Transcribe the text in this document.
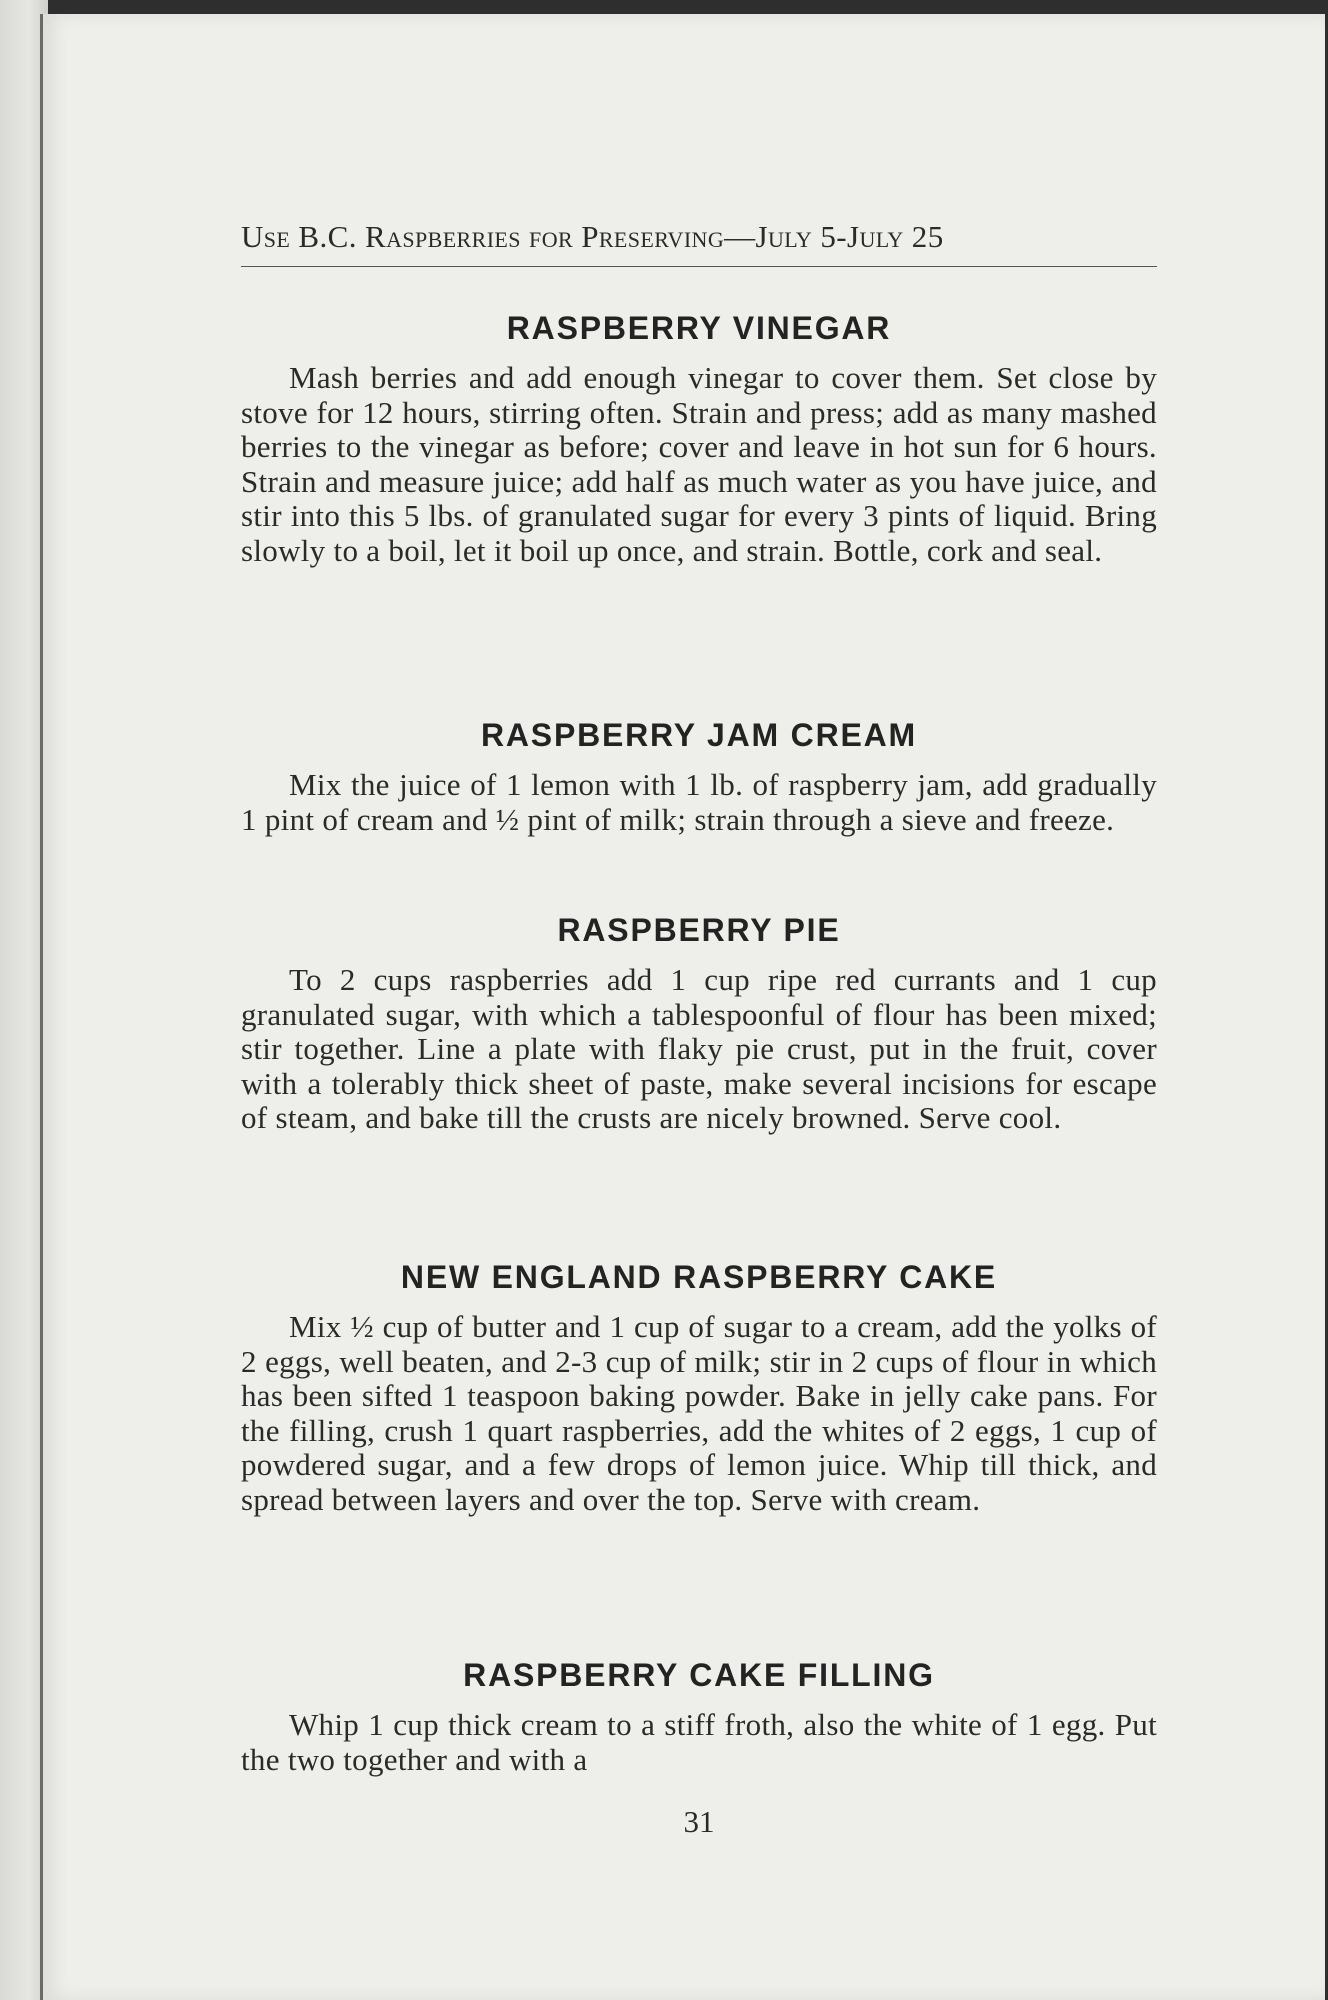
Use B.C. Raspberries for Preserving—July 5-July 25
RASPBERRY VINEGAR

Mash berries and add enough vinegar to cover them. Set close by stove for 12 hours, stirring often. Strain and press; add as many mashed berries to the vinegar as before; cover and leave in hot sun for 6 hours. Strain and measure juice; add half as much water as you have juice, and stir into this 5 lbs. of granulated sugar for every 3 pints of liquid. Bring slowly to a boil, let it boil up once, and strain. Bottle, cork and seal.

RASPBERRY JAM CREAM

Mix the juice of 1 lemon with 1 lb. of raspberry jam, add gradually 1 pint of cream and ½ pint of milk; strain through a sieve and freeze.

RASPBERRY PIE

To 2 cups raspberries add 1 cup ripe red currants and 1 cup granulated sugar, with which a tablespoonful of flour has been mixed; stir together. Line a plate with flaky pie crust, put in the fruit, cover with a tolerably thick sheet of paste, make several incisions for escape of steam, and bake till the crusts are nicely browned. Serve cool.

NEW ENGLAND RASPBERRY CAKE

Mix ½ cup of butter and 1 cup of sugar to a cream, add the yolks of 2 eggs, well beaten, and 2-3 cup of milk; stir in 2 cups of flour in which has been sifted 1 teaspoon baking powder. Bake in jelly cake pans. For the filling, crush 1 quart raspberries, add the whites of 2 eggs, 1 cup of powdered sugar, and a few drops of lemon juice. Whip till thick, and spread between layers and over the top. Serve with cream.

RASPBERRY CAKE FILLING

Whip 1 cup thick cream to a stiff froth, also the white of 1 egg. Put the two together and with a

31
